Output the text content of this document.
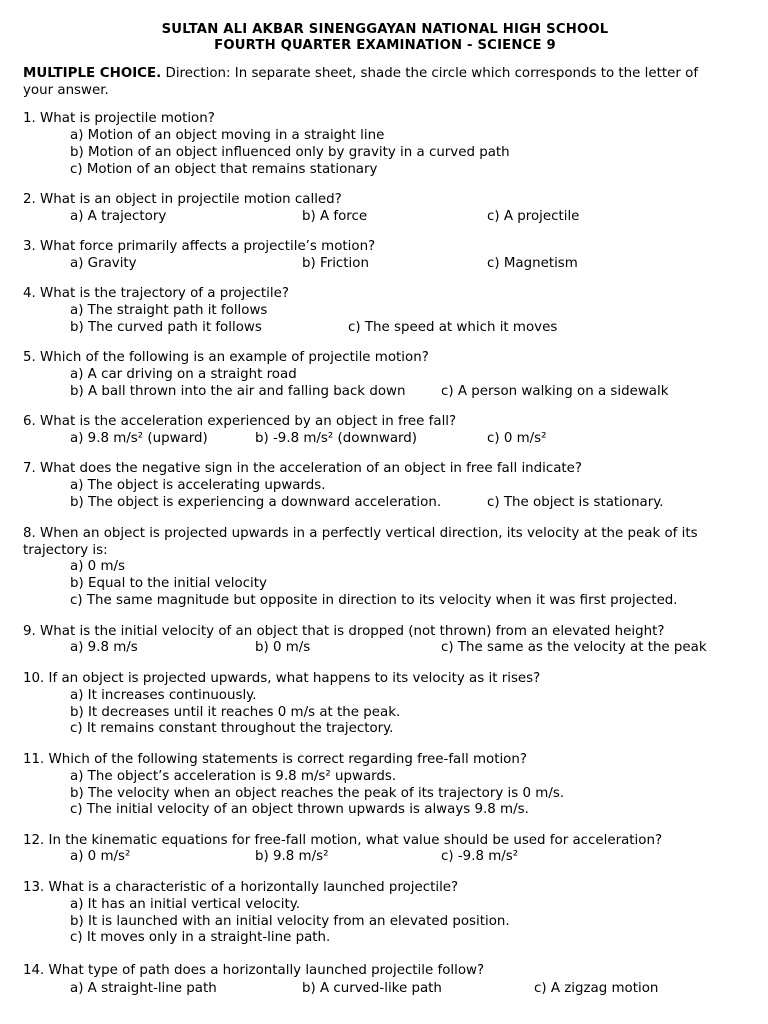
SULTAN ALI AKBAR SINENGGAYAN NATIONAL HIGH SCHOOL
FOURTH QUARTER EXAMINATION - SCIENCE 9
MULTIPLE CHOICE. Direction: In separate sheet, shade the circle which corresponds to the letter of
your answer.
1. What is projectile motion?
a) Motion of an object moving in a straight line
b) Motion of an object influenced only by gravity in a curved path
c) Motion of an object that remains stationary
2. What is an object in projectile motion called?
a) A trajectory	b) A force	c) A projectile
3. What force primarily affects a projectile’s motion?
a) Gravity	b) Friction	c) Magnetism
4. What is the trajectory of a projectile?
a) The straight path it follows
b) The curved path it follows	c) The speed at which it moves
5. Which of the following is an example of projectile motion?
a) A car driving on a straight road
b) A ball thrown into the air and falling back down	c) A person walking on a sidewalk
6. What is the acceleration experienced by an object in free fall?
a) 9.8 m/s² (upward)	b) -9.8 m/s² (downward)	c) 0 m/s²
7. What does the negative sign in the acceleration of an object in free fall indicate?
a) The object is accelerating upwards.
b) The object is experiencing a downward acceleration.	c) The object is stationary.
8. When an object is projected upwards in a perfectly vertical direction, its velocity at the peak of its
trajectory is:
a) 0 m/s
b) Equal to the initial velocity
c) The same magnitude but opposite in direction to its velocity when it was first projected.
9. What is the initial velocity of an object that is dropped (not thrown) from an elevated height?
a) 9.8 m/s	b) 0 m/s	c) The same as the velocity at the peak
10. If an object is projected upwards, what happens to its velocity as it rises?
a) It increases continuously.
b) It decreases until it reaches 0 m/s at the peak.
c) It remains constant throughout the trajectory.
11. Which of the following statements is correct regarding free-fall motion?
a) The object’s acceleration is 9.8 m/s² upwards.
b) The velocity when an object reaches the peak of its trajectory is 0 m/s.
c) The initial velocity of an object thrown upwards is always 9.8 m/s.
12. In the kinematic equations for free-fall motion, what value should be used for acceleration?
a) 0 m/s²	b) 9.8 m/s²	c) -9.8 m/s²
13. What is a characteristic of a horizontally launched projectile?
a) It has an initial vertical velocity.
b) It is launched with an initial velocity from an elevated position.
c) It moves only in a straight-line path.
14. What type of path does a horizontally launched projectile follow?
a) A straight-line path	b) A curved-like path	c) A zigzag motion
